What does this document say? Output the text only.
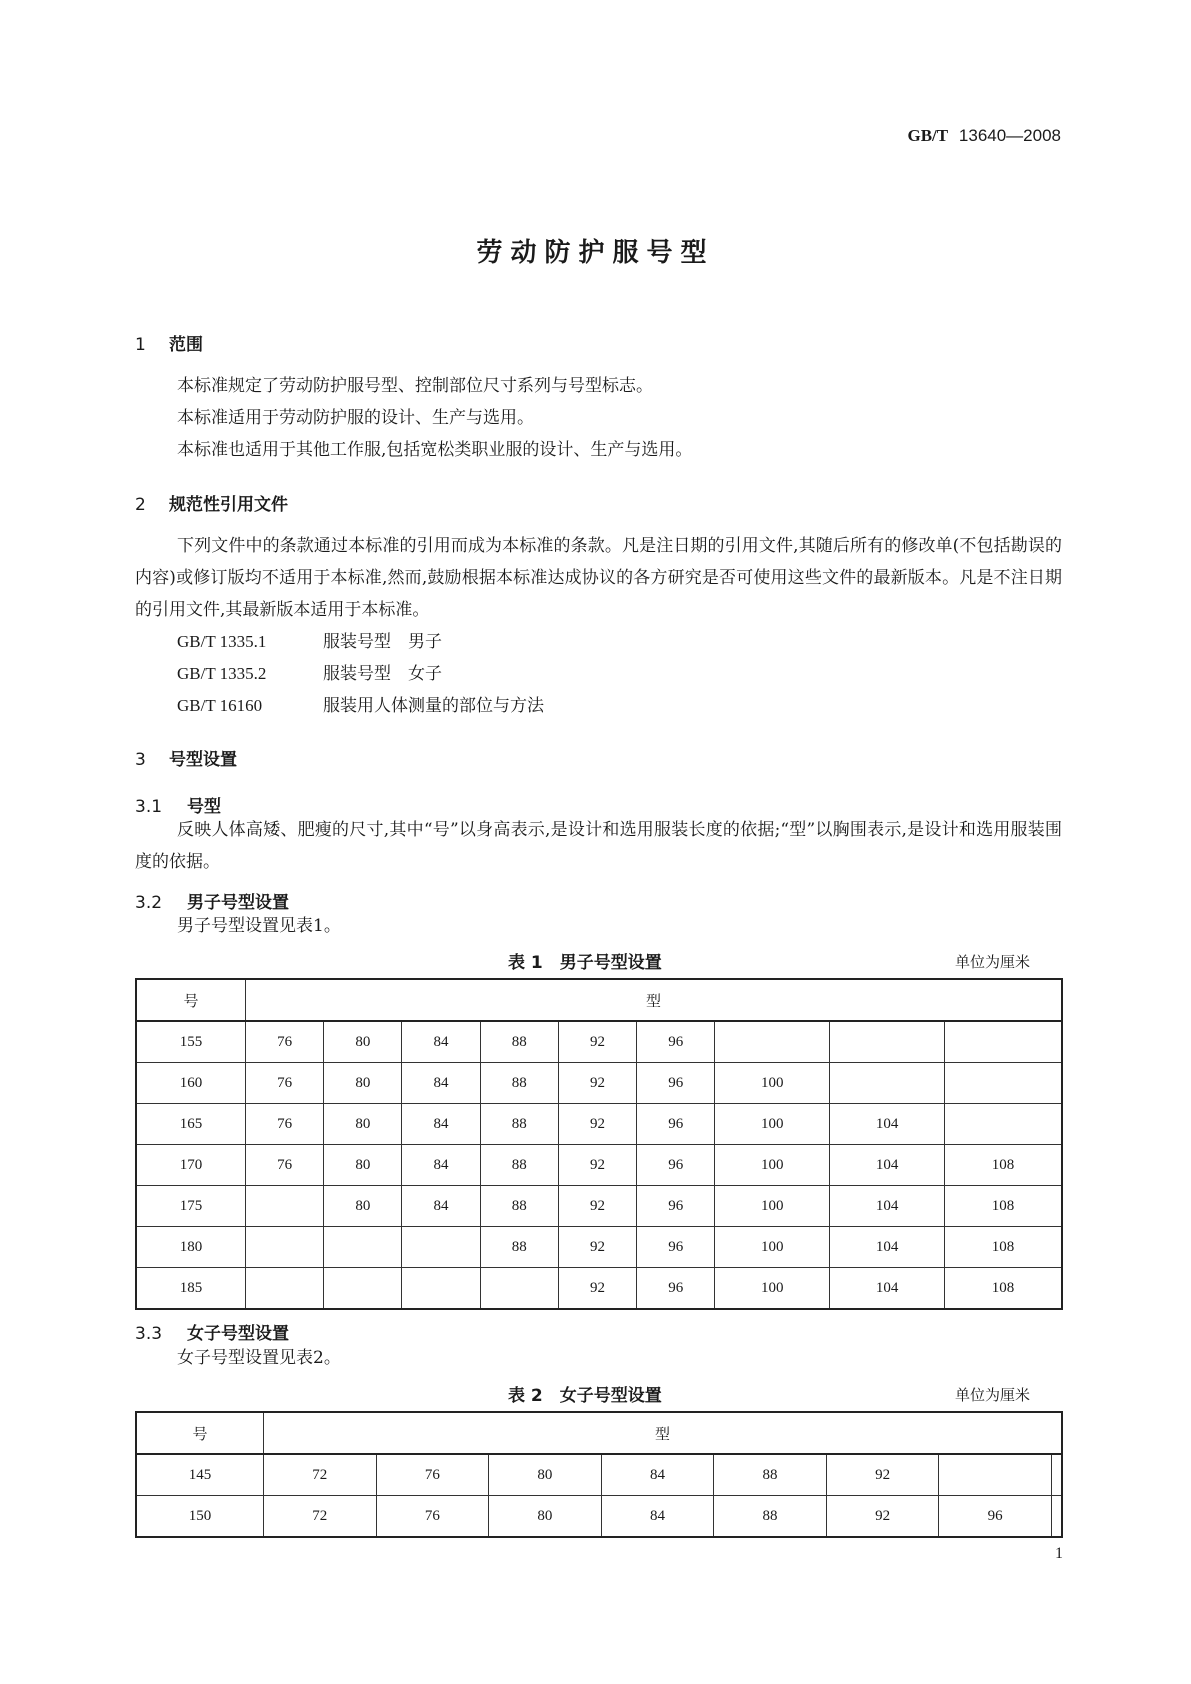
GB/T 13640—2008
劳动防护服号型
1 范围
本标准规定了劳动防护服号型、控制部位尺寸系列与号型标志。
本标准适用于劳动防护服的设计、生产与选用。
本标准也适用于其他工作服,包括宽松类职业服的设计、生产与选用。
2 规范性引用文件
下列文件中的条款通过本标准的引用而成为本标准的条款。凡是注日期的引用文件,其随后所有的修改单(不包括勘误的内容)或修订版均不适用于本标准,然而,鼓励根据本标准达成协议的各方研究是否可使用这些文件的最新版本。凡是不注日期的引用文件,其最新版本适用于本标准。
GB/T 1335.1	服装号型　男子
GB/T 1335.2	服装号型　女子
GB/T 16160	服装用人体测量的部位与方法
3 号型设置
3.1 号型
反映人体高矮、肥瘦的尺寸,其中“号”以身高表示,是设计和选用服装长度的依据;“型”以胸围表示,是设计和选用服装围度的依据。
3.2 男子号型设置
男子号型设置见表1。
表 1　男子号型设置	单位为厘米
号	型								
155	76	80	84	88	92	96			
160	76	80	84	88	92	96	100		
165	76	80	84	88	92	96	100	104	
170	76	80	84	88	92	96	100	104	108
175		80	84	88	92	96	100	104	108
180				88	92	96	100	104	108
185					92	96	100	104	108
3.3 女子号型设置
女子号型设置见表2。
表 2　女子号型设置	单位为厘米
号	型							
145	72	76	80	84	88	92		
150	72	76	80	84	88	92	96	
1
